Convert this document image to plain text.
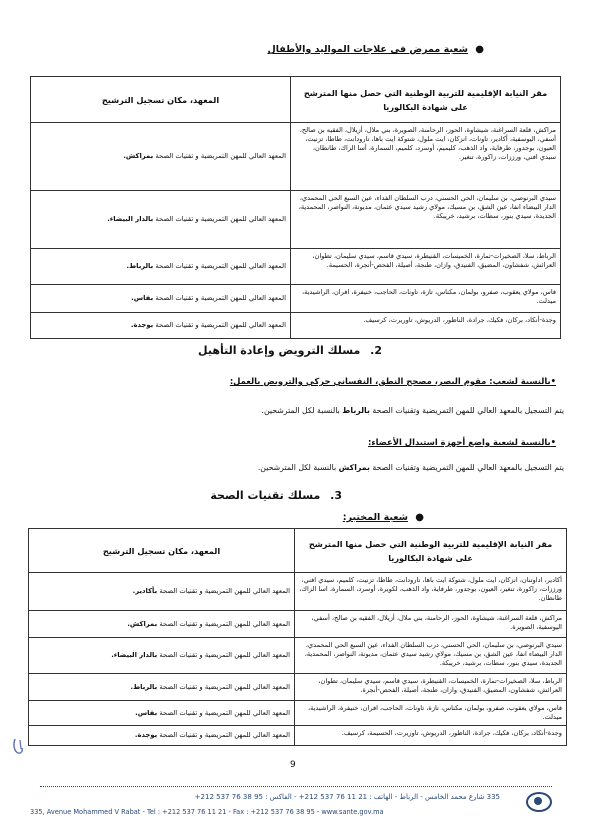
● شعبة ممرض في علاجات المواليد والأطفال
مقر النيابة الإقليمية للتربية الوطنية التي حصل منها المترشح على شهادة البكالوريا	المعهد، مكان تسجيل الترشيح
مراكش، قلعة السراغنة، شيشاوة، الحوز، الرحامنة، الصويرة، بني ملال، أزيلال، الفقيه بن صالح، أسفي، اليوسفية، أكادير، تاونات، انزكان، ايت ملول، شتوكة ايت باها، تارودانت، طاطا، تزنيت، العيون، بوجدور، طرفاية، واد الذهب، كليميم، أوسرد، كلميم، السمارة، أسا الزاك، طانطان، سيدي افني، ورززات، زاكورة، تنغير.	المعهد العالي للمهن التمريضية و تقنيات الصحة بمراكش.
سيدي البرنوصي، بن سليمان، الحي الحسني، درب السلطان الفداء، عين السبع الحي المحمدي، الدار البيضاء انفا، عين الشق، بن مسيك، مولاي رشيد سيدي عثمان، مديونة، النواصر، المحمدية، الجديدة، سيدي بنور، سطات، برشيد، خريبكة.	المعهد العالي للمهن التمريضية و تقنيات الصحة بالدار البيضاء.
الرباط، سلا، الصخيرات-تمارة، الخميسات، القنيطرة، سيدي قاسم، سيدي سليمان، تطوان، العرائش، شفشاون، المضيق، الفنيدق، وازان، طنجة، أصيلة، الفحص-أنجرة، الحسيمة.	المعهد العالي للمهن التمريضية و تقنيات الصحة بالرباط.
فاس، مولاي يعقوب، صفرو، بولمان، مكناس، تازة، تاونات، الحاجب، خنيفرة، افران، الراشيدية، ميدلت.	المعهد العالي للمهن التمريضية و تقنيات الصحة بفاس.
وجدة-أنكاد، بركان، فكيك، جرادة، الناظور، الدريوش، تاوريرت، كرسيف.	المعهد العالي للمهن التمريضية و تقنيات الصحة بوجدة.
2. مسلك الترويض وإعادة التأهيل
•بالنسبة لشعب: مقوم البصر، مصحح النطق، النفساني حركي والترويض بالعمل:
يتم التسجيل بالمعهد العالي للمهن التمريضية وتقنيات الصحة بالرباط بالنسبة لكل المترشحين.
•بالنسبة لشعبة واضع أجهزة استبدال الأعضاء:
يتم التسجيل بالمعهد العالي للمهن التمريضية وتقنيات الصحة بمراكش بالنسبة لكل المترشحين.
3. مسلك تقنيات الصحة
● شعبة المختبر:
مقر النيابة الإقليمية للتربية الوطنية التي حصل منها المترشح على شهادة البكالوريا	المعهد، مكان تسجيل الترشيح
أكادير، اداوتنان، انزكان، ايت ملول، شتوكة ايت باها، تارودانت، طاطا، تزنيت، كلميم، سيدي افني، ورززات، زاكورة، تنغير، العيون، بوجدور، طرفاية، واد الذهب، لكويرة، أوسرد، السمارة، اسا الزاك، طانطان.	المعهد العالي للمهن التمريضية و تقنيات الصحة بأكادير.
مراكش، قلعة السراغنة، شيشاوة، الحوز، الرحامنة، بني ملال، أزيلال، الفقيه بن صالح، أسفي، اليوسفية، الصويرة.	المعهد العالي للمهن التمريضية و تقنيات الصحة بمراكش.
سيدي البرنوصي، بن سليمان، الحي الحسني، درب السلطان الفداء، عين السبع الحي المحمدي، الدار البيضاء انفا، عين الشق، بن مسيك، مولاي رشيد سيدي عثمان، مديونة، النواصر، المحمدية، الجديدة، سيدي بنور، سطات، برشيد، خريبكة.	المعهد العالي للمهن التمريضية و تقنيات الصحة بالدار البيضاء.
الرباط، سلا، الصخيرات-تمارة، الخميسات، القنيطرة، سيدي قاسم، سيدي سليمان، تطوان، العرائش، شفشاون، المضيق، الفنيدق، وازان، طنجة، أصيلة، الفحص-أنجرة.	المعهد العالي للمهن التمريضية و تقنيات الصحة بالرباط.
فاس، مولاي يعقوب، صفرو، بولمان، مكناس، تازة، تاونات، الحاجب، افران، خنيفرة، الراشيدية، ميدلت.	المعهد العالي للمهن التمريضية و تقنيات الصحة بفاس.
وجدة-أنكاد، بركان، فكيك، جرادة، الناظور، الدريوش، تاوريرت، الحسيمة، كرسيف.	المعهد العالي للمهن التمريضية و تقنيات الصحة بوجدة.
9
335 شارع محمد الخامس - الرباط - الهاتف : 21 11 76 537 212+ - الفاكس : 95 38 76 537 212+
335, Avenue Mohammed V Rabat - Tel : +212 537 76 11 21 - Fax : +212 537 76 38 95 - www.sante.gov.ma
